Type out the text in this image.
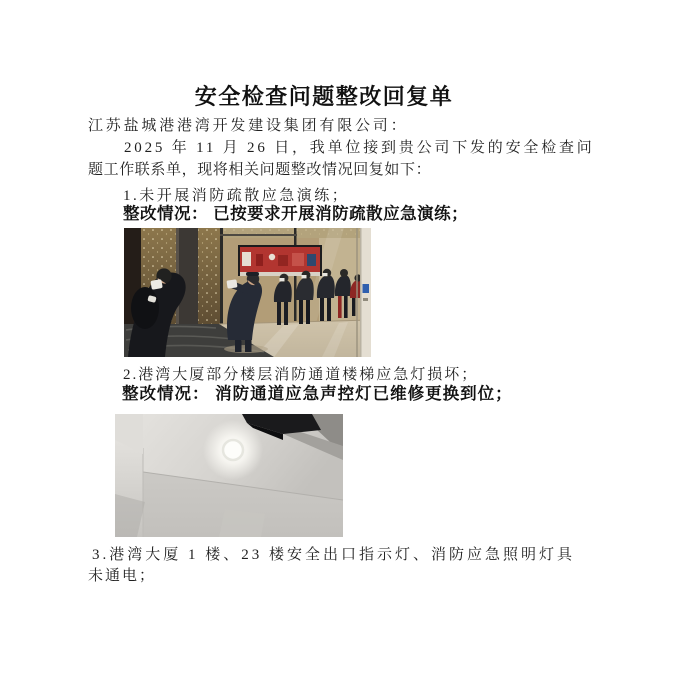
安全检查问题整改回复单
江苏盐城港港湾开发建设集团有限公司：
2025 年 11 月 26 日，我单位接到贵公司下发的安全检查问
题工作联系单，现将相关问题整改情况回复如下：
1.未开展消防疏散应急演练；
整改情况： 已按要求开展消防疏散应急演练；
2.港湾大厦部分楼层消防通道楼梯应急灯损坏；
整改情况： 消防通道应急声控灯已维修更换到位；
3.港湾大厦 1 楼、23 楼安全出口指示灯、消防应急照明灯具
未通电；
